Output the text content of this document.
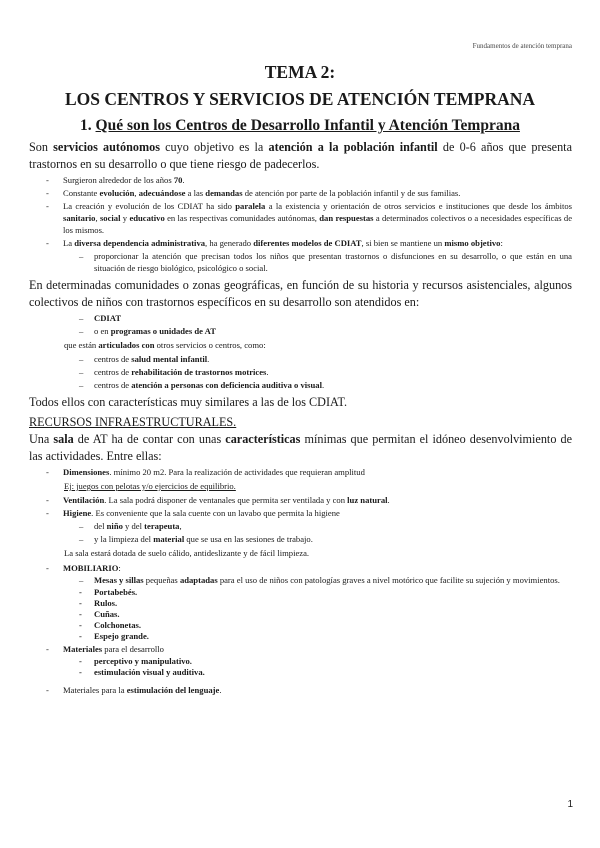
Fundamentos de atención temprana
TEMA 2:
LOS CENTROS Y SERVICIOS DE ATENCIÓN TEMPRANA
1. Qué son los Centros de Desarrollo Infantil y Atención Temprana

Son servicios autónomos cuyo objetivo es la atención a la población infantil de 0-6 años que presenta trastornos en su desarrollo o que tiene riesgo de padecerlos.

- Surgieron alrededor de los años 70.
- Constante evolución, adecuándose a las demandas de atención por parte de la población infantil y de sus familias.
- La creación y evolución de los CDIAT ha sido paralela a la existencia y orientación de otros servicios e instituciones que desde los ámbitos sanitario, social y educativo en las respectivas comunidades autónomas, dan respuestas a determinados colectivos o a necesidades específicas de los mismos.
- La diversa dependencia administrativa, ha generado diferentes modelos de CDIAT, si bien se mantiene un mismo objetivo:
– proporcionar la atención que precisan todos los niños que presentan trastornos o disfunciones en su desarrollo, o que están en una situación de riesgo biológico, psicológico o social.

En determinadas comunidades o zonas geográficas, en función de su historia y recursos asistenciales, algunos colectivos de niños con trastornos específicos en su desarrollo son atendidos en:

– CDIAT
– o en programas o unidades de AT
que están articulados con otros servicios o centros, como:
– centros de salud mental infantil.
– centros de rehabilitación de trastornos motrices.
– centros de atención a personas con deficiencia auditiva o visual.

Todos ellos con características muy similares a las de los CDIAT.

RECURSOS INFRAESTRUCTURALES.

Una sala de AT ha de contar con unas características mínimas que permitan el idóneo desenvolvimiento de las actividades. Entre ellas:

- Dimensiones. mínimo 20 m2. Para la realización de actividades que requieran amplitud
Ej: juegos con pelotas y/o ejercicios de equilibrio.
- Ventilación. La sala podrá disponer de ventanales que permita ser ventilada y con luz natural.
- Higiene. Es conveniente que la sala cuente con un lavabo que permita la higiene
– del niño y del terapeuta,
– y la limpieza del material que se usa en las sesiones de trabajo.
La sala estará dotada de suelo cálido, antideslizante y de fácil limpieza.
- MOBILIARIO:
– Mesas y sillas pequeñas adaptadas para el uso de niños con patologías graves a nivel motórico que facilite su sujeción y movimientos.
- Portabebés.
- Rulos.
- Cuñas.
- Colchonetas.
- Espejo grande.
- Materiales para el desarrollo
- perceptivo y manipulativo.
- estimulación visual y auditiva.
- Materiales para la estimulación del lenguaje.
1
